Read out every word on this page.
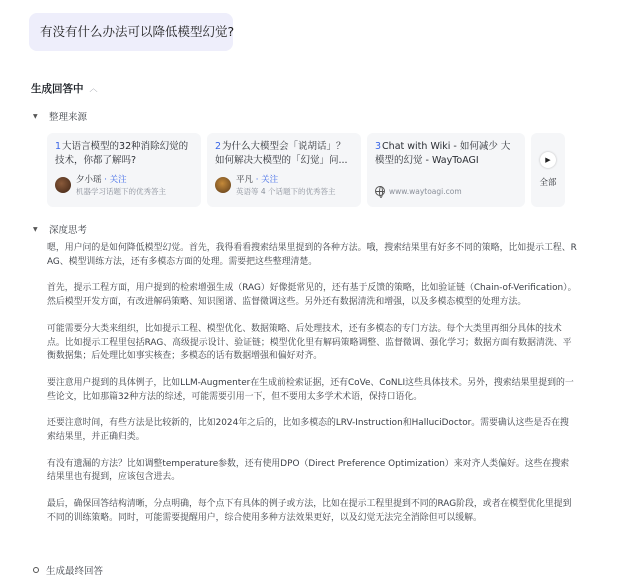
有没有什么办法可以降低模型幻觉?
生成回答中 ︿
▼	整理来源
1大语言模型的32种消除幻觉的技术，你都了解吗?
夕小瑶 · 关注
机器学习话题下的优秀答主
2为什么大模型会「说胡话」？如何解决大模型的「幻觉」问...
平凡 · 关注
英语等 4 个话题下的优秀答主
3Chat with Wiki - 如何减少 大模型的幻觉 - WayToAGI
www.waytoagi.com
▶
全部
▼	深度思考

嗯，用户问的是如何降低模型幻觉。首先，我得看看搜索结果里提到的各种方法。哦，搜索结果里有好多不同的策略，比如提示工程、RAG、模型训练方法，还有多模态方面的处理。需要把这些整理清楚。

首先，提示工程方面，用户提到的检索增强生成（RAG）好像挺常见的，还有基于反馈的策略，比如验证链（Chain-of-Verification）。然后模型开发方面，有改进解码策略、知识图谱、监督微调这些。另外还有数据清洗和增强，以及多模态模型的处理方法。

可能需要分大类来组织，比如提示工程、模型优化、数据策略、后处理技术，还有多模态的专门方法。每个大类里再细分具体的技术点。比如提示工程里包括RAG、高级提示设计、验证链；模型优化里有解码策略调整、监督微调、强化学习；数据方面有数据清洗、平衡数据集；后处理比如事实核查；多模态的话有数据增强和偏好对齐。

要注意用户提到的具体例子，比如LLM-Augmenter在生成前检索证据，还有CoVe、CoNLI这些具体技术。另外，搜索结果里提到的一些论文，比如那篇32种方法的综述，可能需要引用一下，但不要用太多学术术语，保持口语化。

还要注意时间，有些方法是比较新的，比如2024年之后的，比如多模态的LRV-Instruction和HalluciDoctor。需要确认这些是否在搜索结果里，并正确归类。

有没有遗漏的方法？比如调整temperature参数，还有使用DPO（Direct Preference Optimization）来对齐人类偏好。这些在搜索结果里也有提到，应该包含进去。

最后，确保回答结构清晰，分点明确，每个点下有具体的例子或方法，比如在提示工程里提到不同的RAG阶段，或者在模型优化里提到不同的训练策略。同时，可能需要提醒用户，综合使用多种方法效果更好，以及幻觉无法完全消除但可以缓解。

生成最终回答
